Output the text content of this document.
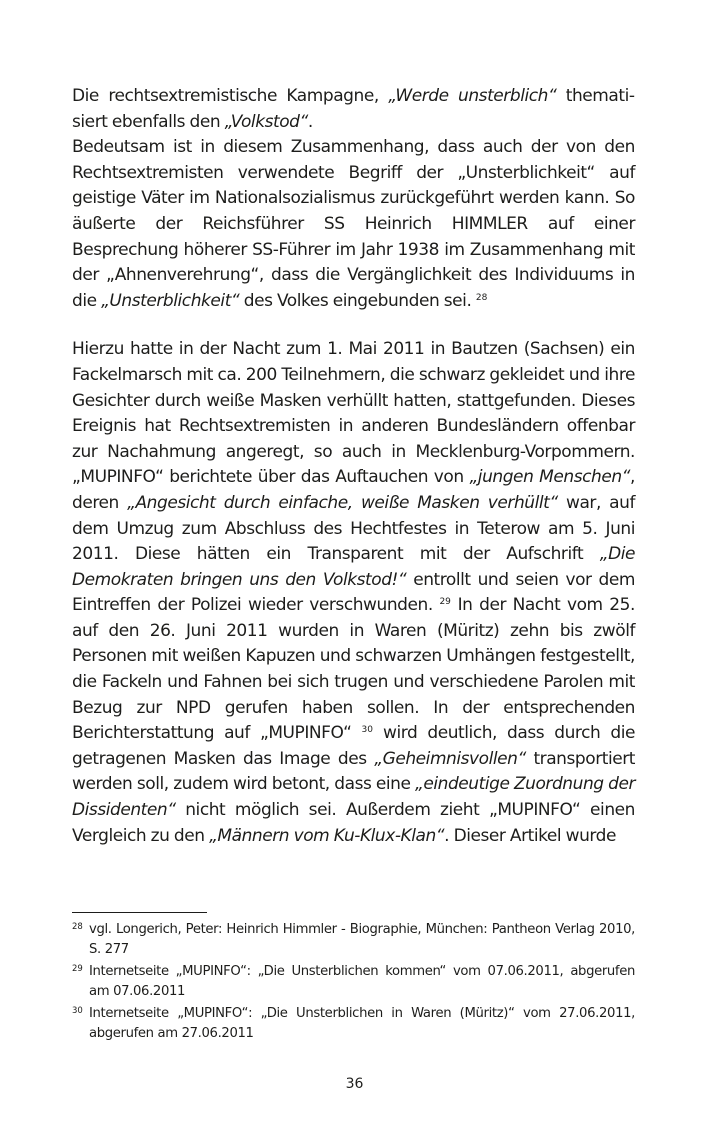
Die rechtsextremistische Kampagne, „Werde unsterblich“ thematisiert ebenfalls den „Volkstod“.

Bedeutsam ist in diesem Zusammenhang, dass auch der von den Rechtsextremisten verwendete Begriff der „Unsterblichkeit“ auf geistige Väter im Nationalsozialismus zurückgeführt werden kann. So äußerte der Reichsführer SS Heinrich HIMMLER auf einer Besprechung höherer SS-Führer im Jahr 1938 im Zusammenhang mit der „Ahnenverehrung“, dass die Vergänglichkeit des Individuums in die „Unsterblichkeit“ des Volkes eingebunden sei. $^{28}$

Hierzu hatte in der Nacht zum 1. Mai 2011 in Bautzen (Sachsen) ein Fackelmarsch mit ca. 200 Teilnehmern, die schwarz gekleidet und ihre Gesichter durch weiße Masken verhüllt hatten, stattgefunden. Dieses Ereignis hat Rechtsextremisten in anderen Bundesländern offenbar zur Nachahmung angeregt, so auch in Mecklenburg-Vorpommern. „MUPINFO“ berichtete über das Auftauchen von „jungen Menschen“, deren „Angesicht durch einfache, weiße Masken verhüllt“ war, auf dem Umzug zum Abschluss des Hechtfestes in Teterow am 5. Juni 2011. Diese hätten ein Transparent mit der Aufschrift „Die Demokraten bringen uns den Volkstod!“ entrollt und seien vor dem Eintreffen der Polizei wieder verschwunden. $^{29}$ In der Nacht vom 25. auf den 26. Juni 2011 wurden in Waren (Müritz) zehn bis zwölf Personen mit weißen Kapuzen und schwarzen Umhängen festgestellt, die Fackeln und Fahnen bei sich trugen und verschiedene Parolen mit Bezug zur NPD gerufen haben sollen. In der entsprechenden Berichterstattung auf „MUPINFO“ $^{30}$ wird deutlich, dass durch die getragenen Masken das Image des „Geheimnisvollen“ transportiert werden soll, zudem wird betont, dass eine „eindeutige Zuordnung der Dissidenten“ nicht möglich sei. Außerdem zieht „MUPINFO“ einen Vergleich zu den „Männern vom Ku-Klux-Klan“. Dieser Artikel wurde

28 vgl. Longerich, Peter: Heinrich Himmler - Biographie, München: Pantheon Verlag 2010, S. 277

29 Internetseite „MUPINFO“: „Die Unsterblichen kommen“ vom 07.06.2011, abgerufen am 07.06.2011

30 Internetseite „MUPINFO“: „Die Unsterblichen in Waren (Müritz)“ vom 27.06.2011, abgerufen am 27.06.2011

36
